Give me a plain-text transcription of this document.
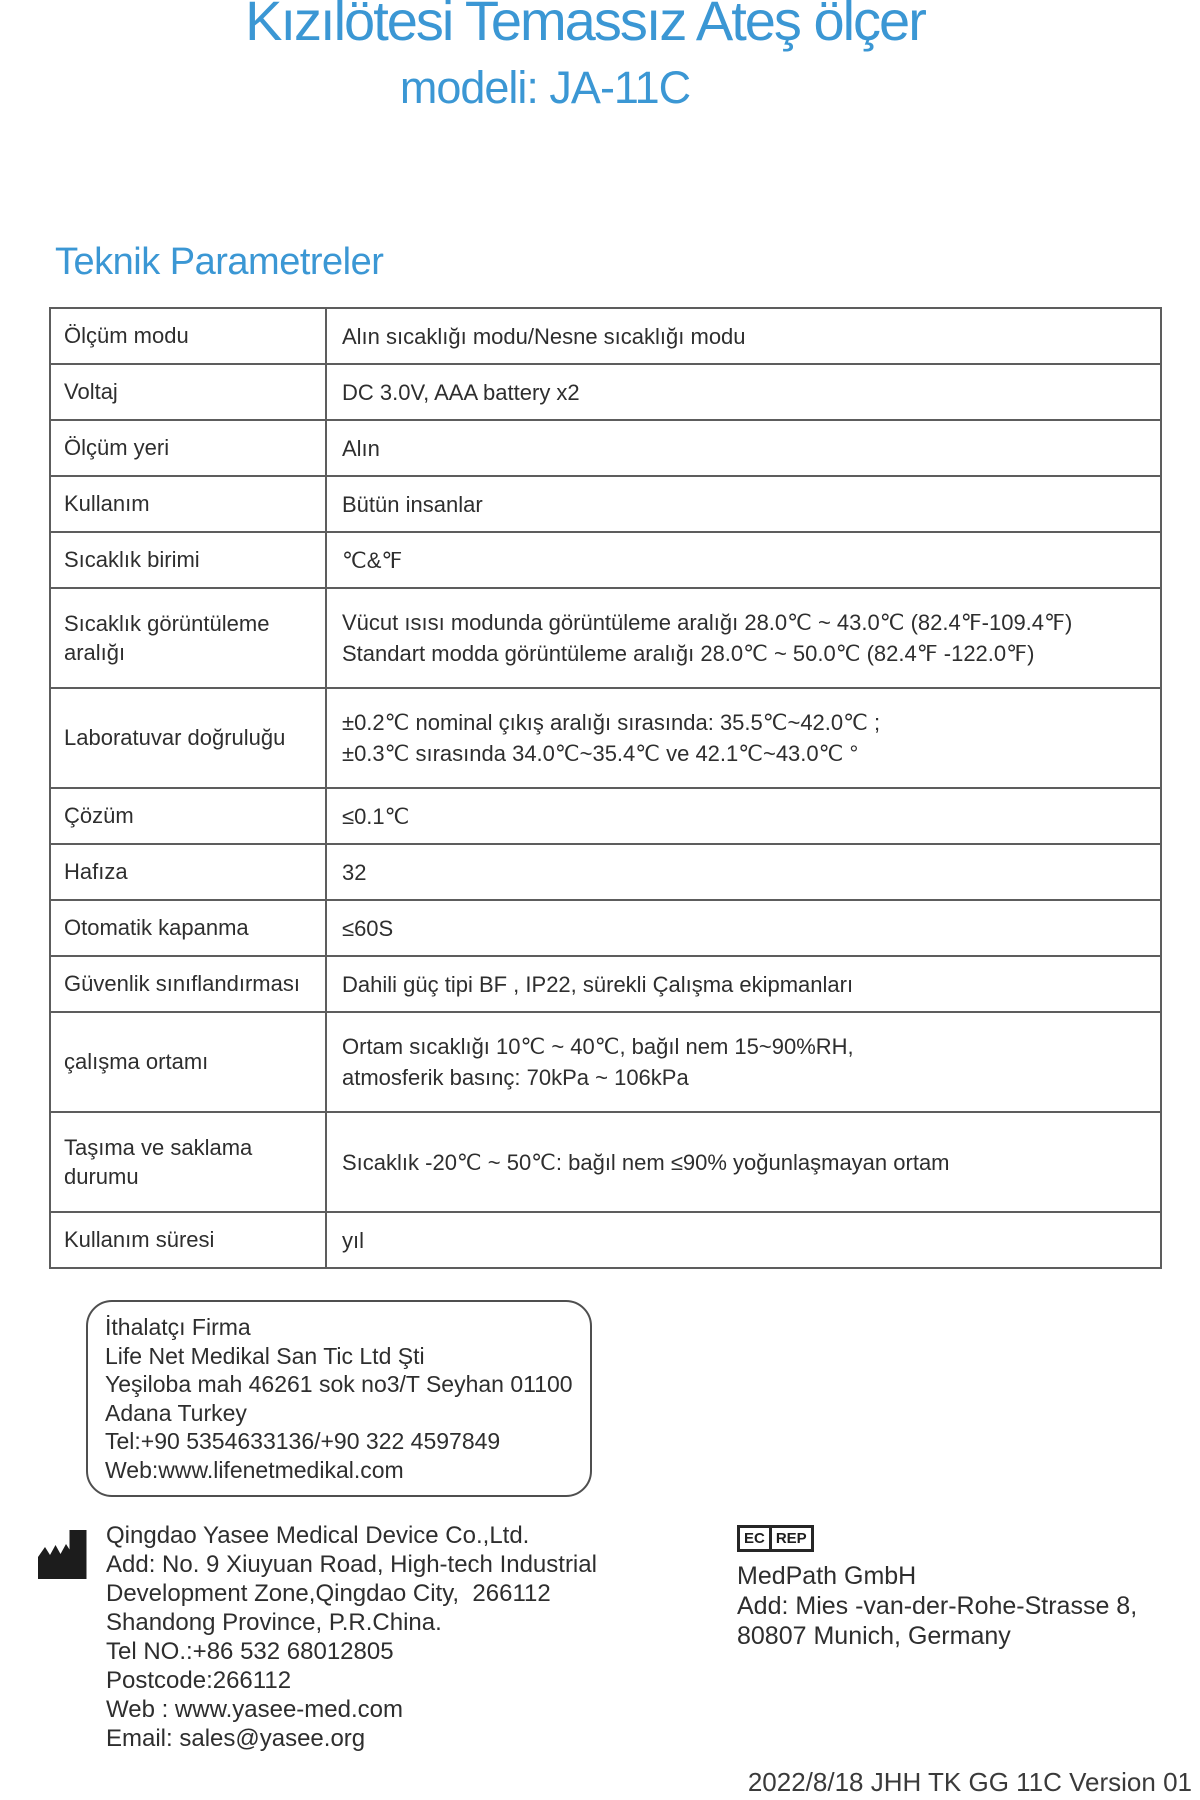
Kızılötesi Temassız Ateş ölçer
modeli: JA-11C
Teknik Parametreler
Ölçüm modu	Alın sıcaklığı modu/Nesne sıcaklığı modu

Voltaj	DC 3.0V, AAA battery x2

Ölçüm yeri	Alın

Kullanım	Bütün insanlar

Sıcaklık birimi	℃&℉

Sıcaklık görüntüleme aralığı	Vücut ısısı modunda görüntüleme aralığı 28.0℃ ~ 43.0℃ (82.4℉-109.4℉)
Standart modda görüntüleme aralığı 28.0℃ ~ 50.0℃ (82.4℉ -122.0℉)

Laboratuvar doğruluğu	±0.2℃ nominal çıkış aralığı sırasında: 35.5℃~42.0℃ ;
±0.3℃ sırasında 34.0℃~35.4℃ ve 42.1℃~43.0℃ °

Çözüm	≤0.1℃

Hafıza	32

Otomatik kapanma	≤60S

Güvenlik sınıflandırması	Dahili güç tipi BF , IP22, sürekli Çalışma ekipmanları

çalışma ortamı	Ortam sıcaklığı 10℃ ~ 40℃, bağıl nem 15~90%RH,
atmosferik basınç: 70kPa ~ 106kPa

Taşıma ve saklama durumu	Sıcaklık -20℃ ~ 50℃: bağıl nem ≤90% yoğunlaşmayan ortam

Kullanım süresi	yıl
İthalatçı Firma
Life Net Medikal San Tic Ltd Şti
Yeşiloba mah 46261 sok no3/T Seyhan 01100
Adana Turkey
Tel:+90 5354633136/+90 322 4597849
Web:www.lifenetmedikal.com
Qingdao Yasee Medical Device Co.,Ltd.
Add: No. 9 Xiuyuan Road, High-tech Industrial
Development Zone,Qingdao City,  266112
Shandong Province, P.R.China.
Tel NO.:+86 532 68012805
Postcode:266112
Web : www.yasee-med.com
Email: sales@yasee.org
EC REP
MedPath GmbH
Add: Mies -van-der-Rohe-Strasse 8,
80807 Munich, Germany
2022/8/18 JHH TK GG 11C Version 01
